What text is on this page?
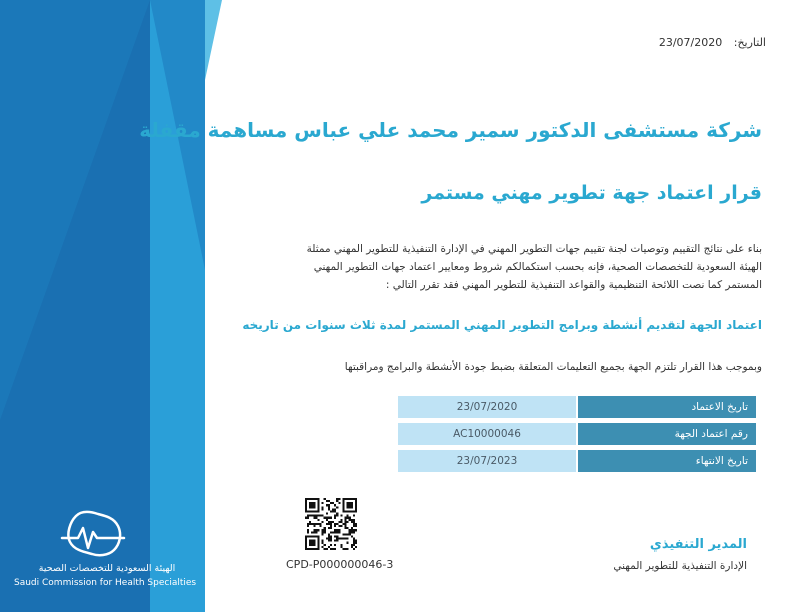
التاريخ: 23/07/2020
شركة مستشفى الدكتور سمير محمد علي عباس مساهمة مقفلة
قرار اعتماد جهة تطوير مهني مستمر
بناء على نتائج التقييم وتوصيات لجنة تقييم جهات التطوير المهني في الإدارة التنفيذية للتطوير المهني ممثلة
الهيئة السعودية للتخصصات الصحية، فإنه بحسب استكمالكم شروط ومعايير اعتماد جهات التطوير المهني
المستمر كما نصت اللائحة التنظيمية والقواعد التنفيذية للتطوير المهني فقد تقرر التالي :
اعتماد الجهة لتقديم أنشطة وبرامج التطوير المهني المستمر لمدة ثلاث سنوات من تاريخه
وبموجب هذا القرار تلتزم الجهة بجميع التعليمات المتعلقة بضبط جودة الأنشطة والبرامج ومراقبتها
تاريخ الاعتماد
23/07/2020
رقم اعتماد الجهة
AC10000046
تاريخ الانتهاء
23/07/2023
CPD-P000000046-3
المدير التنفيذي
الإدارة التنفيذية للتطوير المهني
الهيئة السعودية للتخصصات الصحية
Saudi Commission for Health Specialties
